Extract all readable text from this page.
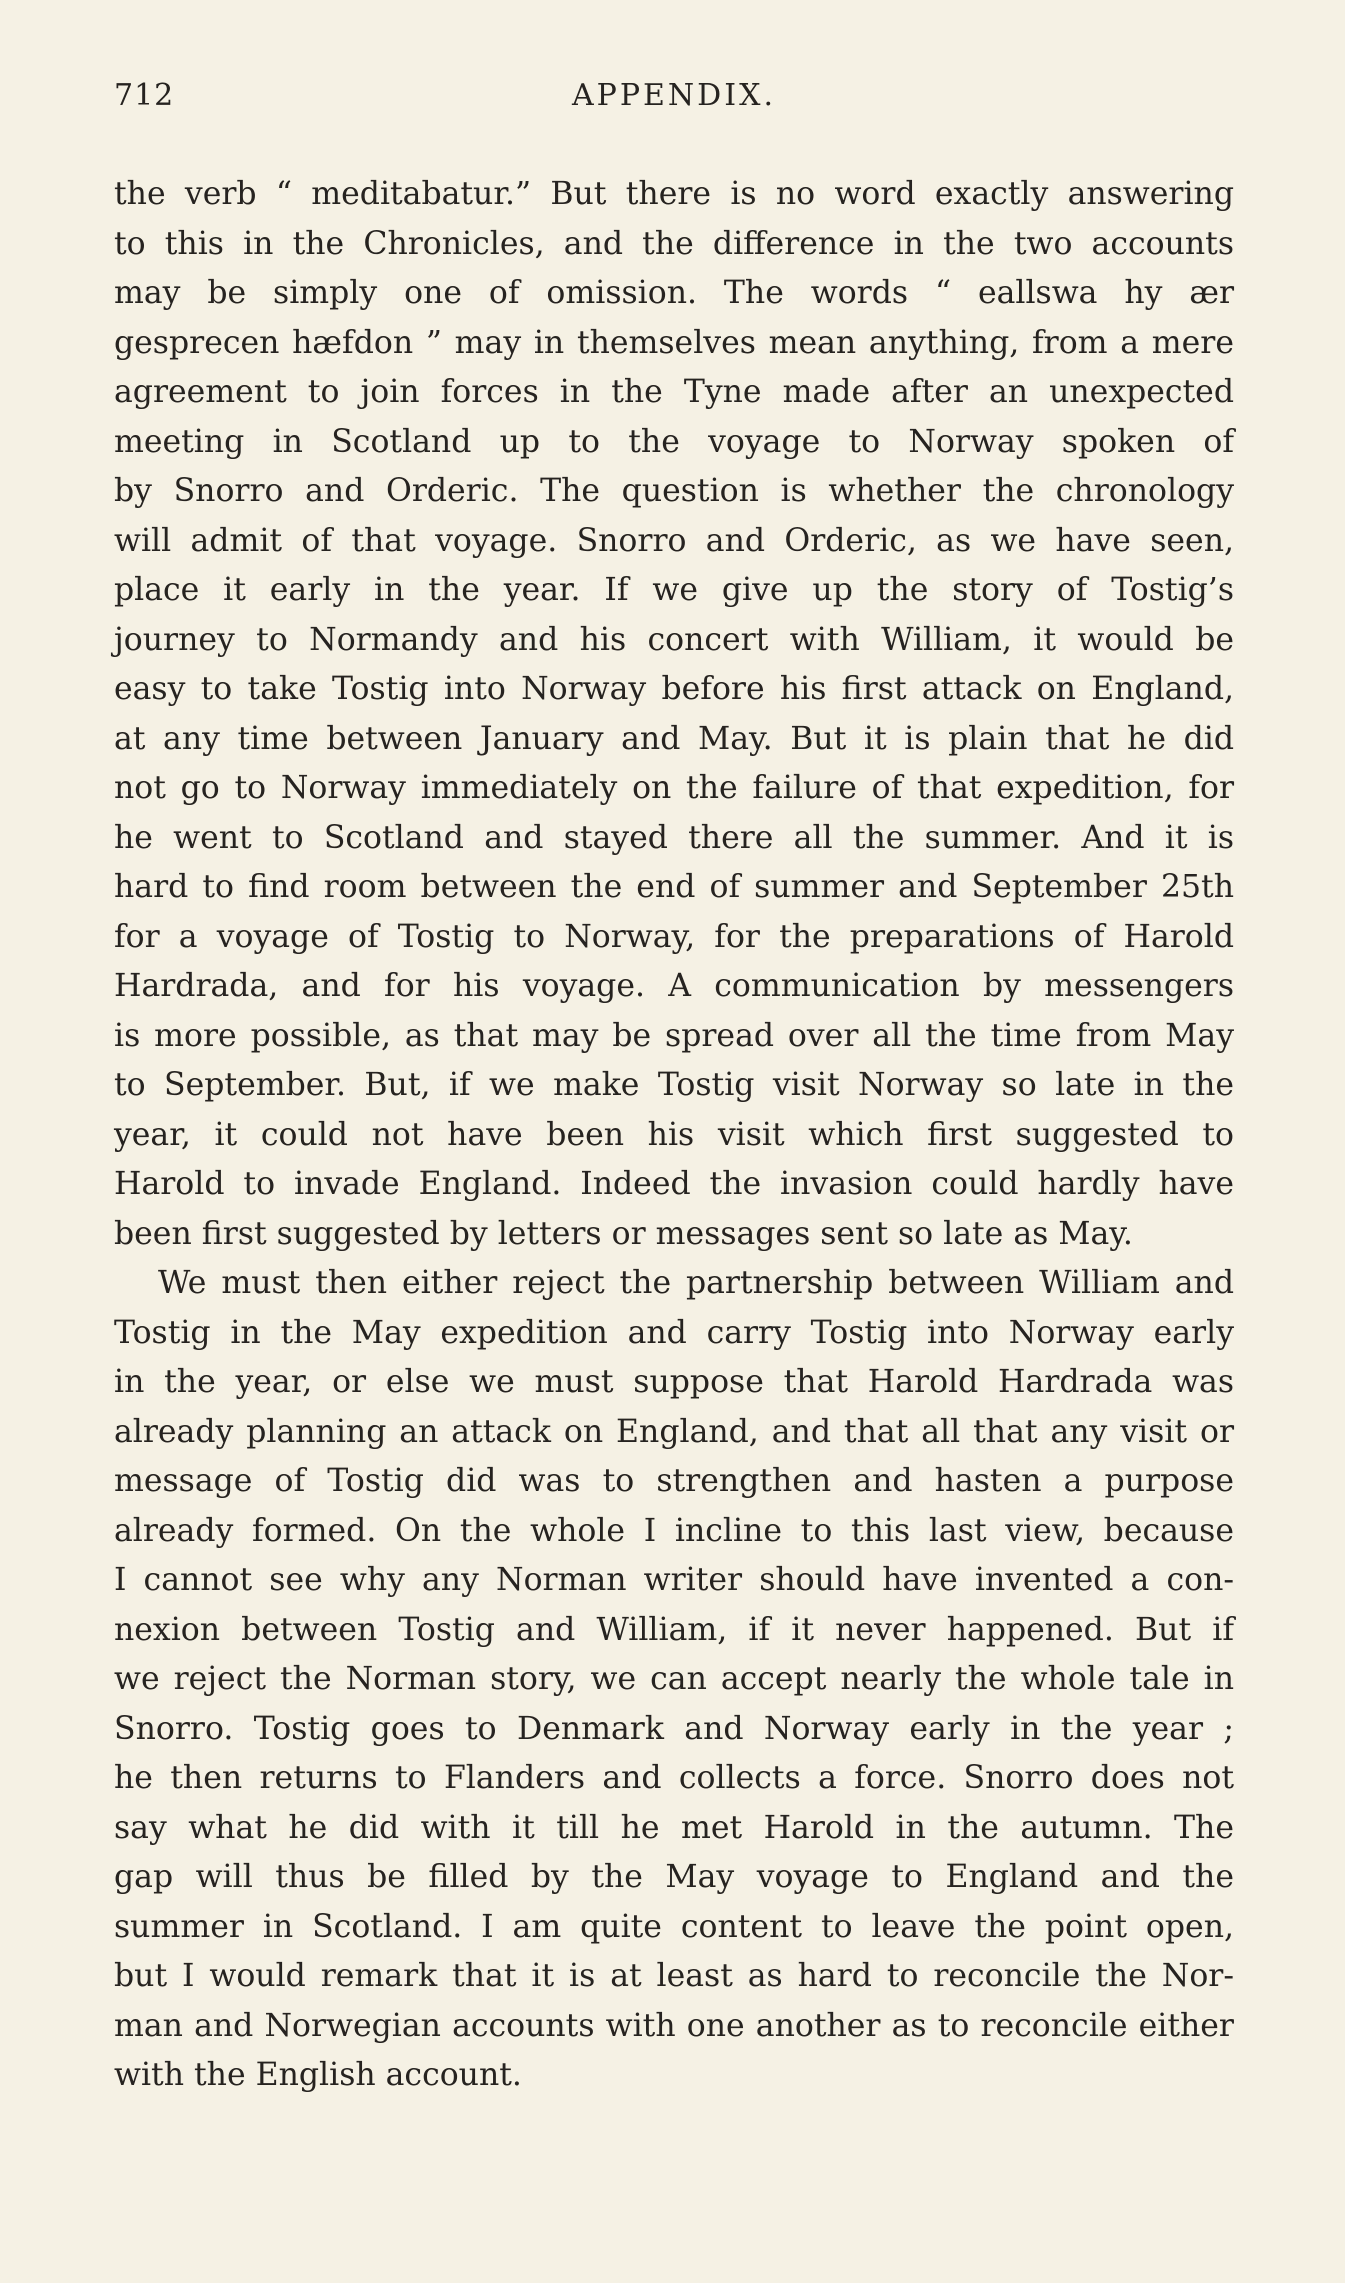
712	APPENDIX.

the verb “ meditabatur.” But there is no word exactly answering
to this in the Chronicles, and the difference in the two accounts
may be simply one of omission. The words “ eallswa hy ær
gesprecen hæfdon ” may in themselves mean anything, from a mere
agreement to join forces in the Tyne made after an unexpected
meeting in Scotland up to the voyage to Norway spoken of
by Snorro and Orderic. The question is whether the chronology
will admit of that voyage. Snorro and Orderic, as we have seen,
place it early in the year. If we give up the story of Tostig’s
journey to Normandy and his concert with William, it would be
easy to take Tostig into Norway before his first attack on England,
at any time between January and May. But it is plain that he did
not go to Norway immediately on the failure of that expedition, for
he went to Scotland and stayed there all the summer. And it is
hard to find room between the end of summer and September 25th
for a voyage of Tostig to Norway, for the preparations of Harold
Hardrada, and for his voyage. A communication by messengers
is more possible, as that may be spread over all the time from May
to September. But, if we make Tostig visit Norway so late in the
year, it could not have been his visit which first suggested to
Harold to invade England. Indeed the invasion could hardly have
been first suggested by letters or messages sent so late as May.

We must then either reject the partnership between William and
Tostig in the May expedition and carry Tostig into Norway early
in the year, or else we must suppose that Harold Hardrada was
already planning an attack on England, and that all that any visit or
message of Tostig did was to strengthen and hasten a purpose
already formed. On the whole I incline to this last view, because
I cannot see why any Norman writer should have invented a con-
nexion between Tostig and William, if it never happened. But if
we reject the Norman story, we can accept nearly the whole tale in
Snorro. Tostig goes to Denmark and Norway early in the year ;
he then returns to Flanders and collects a force. Snorro does not
say what he did with it till he met Harold in the autumn. The
gap will thus be filled by the May voyage to England and the
summer in Scotland. I am quite content to leave the point open,
but I would remark that it is at least as hard to reconcile the Nor-
man and Norwegian accounts with one another as to reconcile either
with the English account.
